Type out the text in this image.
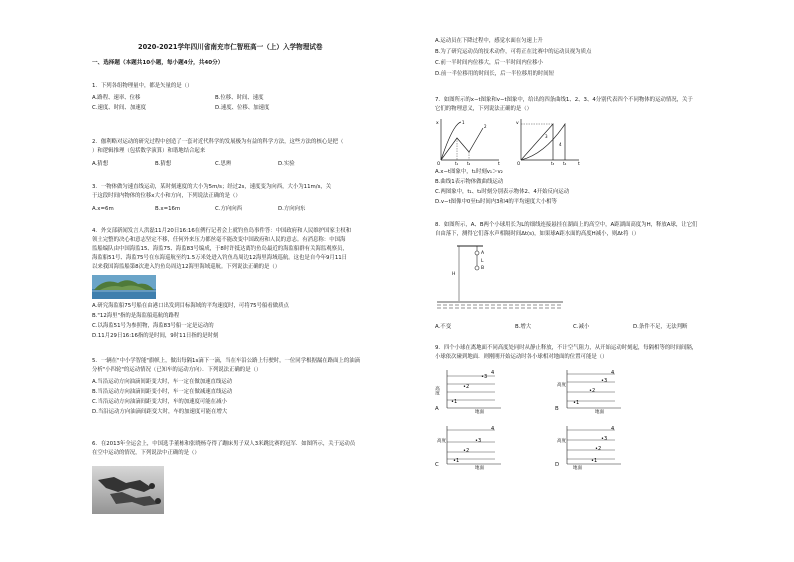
2020-2021学年四川省南充市仁智班高一（上）入学物理试卷
一、选择题（本题共10小题，每小题4分，共40分）
1．下列各组物理量中，都是矢量的是（）
A.路程、速率、位移	B.位移、时间、速度
C.速度、时间、加速度	D.速度、位移、加速度
2．伽利略对运动的研究过程中创造了一套对近代科学的发展极为有益的科学方法，这些方法的核心是把（
）和逻辑推理（包括数学演算）和谐地结合起来
A.猜想	B.猜想	C.思辨	D.实验
3．一物体做匀速直线运动，某时刻速度的大小为5m/s；经过2s，速度变为向西，大小为11m/s，关
于这段时间内物体的位移x大小和方向，下列说法正确的是（）
A.x=6m	B.x=16m	C.方向向西	D.方向向东
4．外交部新闻发言人洪磊11月20日16:16在例行记者会上就钓鱼岛事件答：中国政府和人民维护国家主权和
领土完整的决心和意志坚定不移，任何外来压力都丝毫不能改变中国政府和人民的意志。有消息称：中国海
监船编队由中国海监15、海监75、海监83号编成，于8时许抵达离钓鱼岛最近的海监船群有关海监观察员，
海监船51号、海监75号在东海巡航至约1.5万米处进入钓鱼岛周边12海里海域巡航。这也是自今年9月11日
以来我国海监船第8次进入钓鱼岛周边12海里海域巡航。下列说法正确的是（）
A.研究海监船75号船在由港口出发到目标海域的平均速度时，可将75号船看做质点
B."12海里"指的是海监船巡航的路程
C.以海监51号为参照物，海监83号船一定是运动的
D.11月29日16:16指的是时间，9时11日指的是时刻
5．一辆在"中小学智能"旗帜上，做出每隔1s滴下一滴，当在车沿公路上行驶时，一位同学根据漏在路面上的油滴
分析"小四轮"的运动情况（已知车的运动方向）．下列说法正确的是（）
A.当沿运动方向油滴间距变大时，车一定在做加速直线运动
B.当沿运动方向油滴间距变小时，车一定在做减速直线运动
C.当沿运动方向油滴间距变大时，车的加速度可能在减小
D.当沿运动方向油滴间距变大时，车的加速度可能在增大
6．在2013年全运会上，中国选手董栋和张晓杨夺得了蹦床男子双人3米跳比赛的冠军．如图所示，关于运动员
在空中运动的情况，下列说法中正确的是（）
A.运动员在下降过程中，感觉水面在匀速上升
B.为了研究运动员的技术动作，可将正在比赛中的运动员视为质点
C.前一半时间内位移大，后一半时间内位移小
D.前一半位移用的时间长，后一半位移用的时间短
7．如图所示的x−t图象和v−t图象中，给出的四条曲线1、2、3、4分别代表四个不同物体的运动情况，关于
它们的物理意义，下列说法正确的是（）
x
t
O
1
2
t₁ t₂
v
t
O
3
4
t₃ t₄
A.x−t图象中，t₁时刻v₁＞v₂
B.曲线1表示物体做曲线运动
C.两图象中，t₁、t₂时刻分别表示物体2、4开始反向运动
D.v−t图像中0至t₃时间内3和4的平均速度大小相等
8．如图所示，A、B两个小球用长为L的细线连接悬挂在湖面上的高空中，A距湖面高度为H，释放A球，让它们
自由落下，测得它们落水声相隔时间Δt(s)，如果球A距水面的高度H减小，则Δt将（）
A
B
L
H
A.不变	B.增大	C.减小	D.条件不足，无法判断
9．四个小球在离地面不同高度处同时从静止释放，不计空气阻力，从开始运动时刻起，每隔相等的时间间隔，
小球依次碰到地面．则刚刚开始运动时各小球相对地面的位置可能是（）
•3
4
•2
•1
高度
地面
A
4
•3
•2
•1
高度
地面
B
4
•3
•2
•1
高度
地面
C
4
•3
•2
•1
高度
地面
D
